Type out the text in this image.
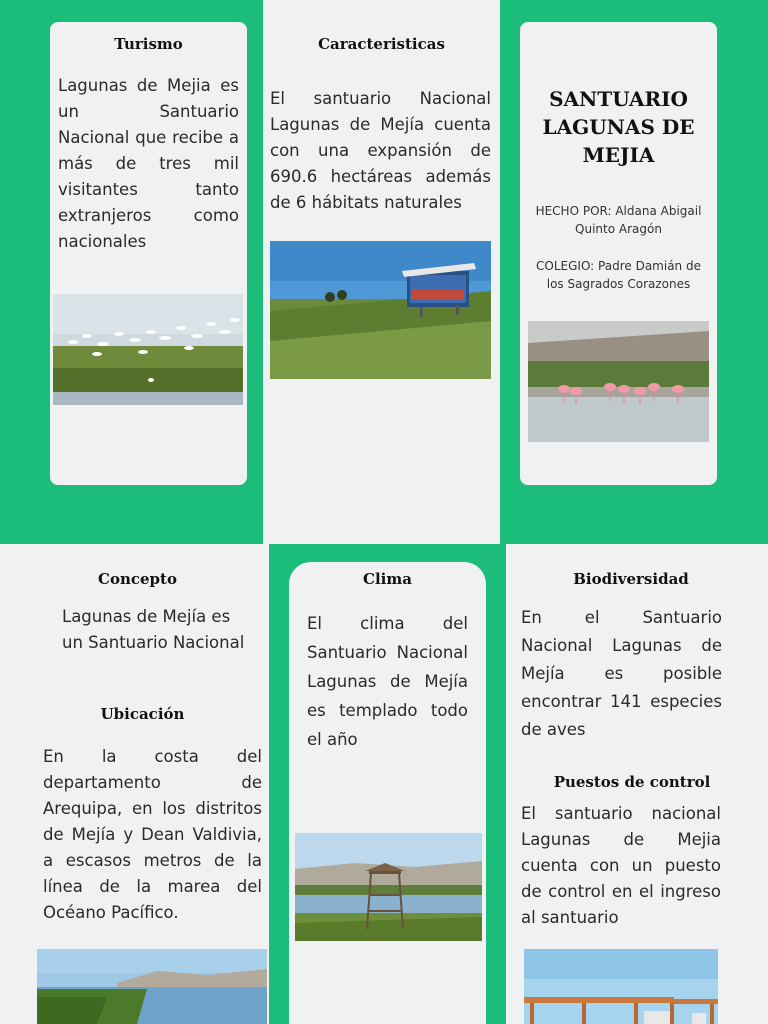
Turismo
Lagunas de Mejia es un Santuario Nacional que recibe a más de tres mil visitantes tanto extranjeros como nacionales
Caracteristicas
El santuario Nacional Lagunas de Mejía cuenta con una expansión de 690.6 hectáreas además de 6 hábitats naturales
SANTUARIO
LAGUNAS DE
MEJIA
HECHO POR: Aldana Abigail
Quinto Aragón
COLEGIO: Padre Damián de
los Sagrados Corazones
Concepto
Lagunas de Mejía es un Santuario Nacional
Ubicación
En la costa del departamento de Arequipa, en los distritos de Mejía y Dean Valdivia, a escasos metros de la línea de la marea del Océano Pacífico.
Clima
El clima del Santuario Nacional Lagunas de Mejía es templado todo el año
Biodiversidad
En el Santuario Nacional Lagunas de Mejía es posible encontrar 141 especies de aves
Puestos de control
El santuario nacional Lagunas de Mejia cuenta con un puesto de control en el ingreso al santuario
